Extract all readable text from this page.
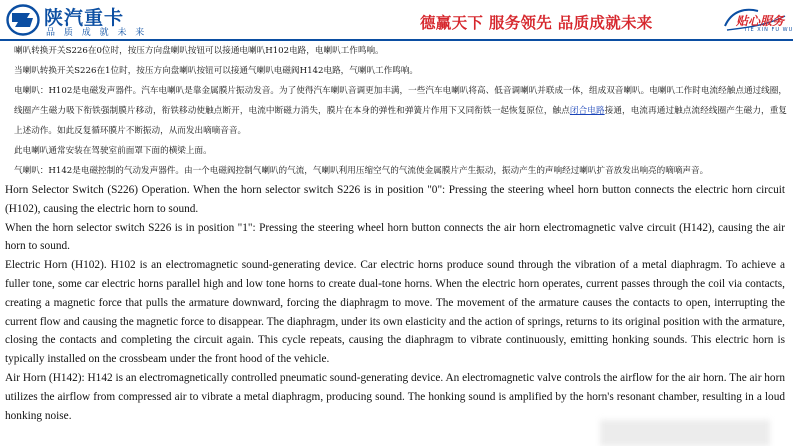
陕汽重卡
品 质 成 就 未 来
德赢天下 服务领先 品质成就未来	贴心服务
TIE XIN FU WU

喇叭转换开关S226在0位时，按压方向盘喇叭按钮可以接通电喇叭H102电路，电喇叭工作鸣响。

当喇叭转换开关S226在1位时，按压方向盘喇叭按钮可以接通气喇叭电磁阀H142电路，气喇叭工作鸣响。

电喇叭：H102是电磁发声器件。汽车电喇叭是靠金属膜片振动发音。为了使得汽车喇叭音调更加丰满，一些汽车电喇叭将高、低音调喇叭并联成一体，组成双音喇叭。电喇叭工作时电流经触点通过线圈，线圈产生磁力吸下衔铁强制膜片移动，衔铁移动使触点断开，电流中断磁力消失，膜片在本身的弹性和弹簧片作用下又同衔铁一起恢复原位，触点闭合电路接通，电流再通过触点流经线圈产生磁力，重复上述动作。如此反复循环膜片不断振动，从而发出嘀嘀音音。

此电喇叭通常安装在驾驶室前面罩下面的横梁上面。

气喇叭：H142是电磁控制的气动发声器件。由一个电磁阀控制气喇叭的气流，气喇叭利用压缩空气的气流使金属膜片产生振动，振动产生的声响经过喇叭扩音放发出响亮的嘀嘀声音。

Horn Selector Switch (S226) Operation. When the horn selector switch S226 is in position "0": Pressing the steering wheel horn button connects the electric horn circuit (H102), causing the electric horn to sound.

When the horn selector switch S226 is in position "1": Pressing the steering wheel horn button connects the air horn electromagnetic valve circuit (H142), causing the air horn to sound.

Electric Horn (H102). H102 is an electromagnetic sound-generating device. Car electric horns produce sound through the vibration of a metal diaphragm. To achieve a fuller tone, some car electric horns parallel high and low tone horns to create dual-tone horns. When the electric horn operates, current passes through the coil via contacts, creating a magnetic force that pulls the armature downward, forcing the diaphragm to move. The movement of the armature causes the contacts to open, interrupting the current flow and causing the magnetic force to disappear. The diaphragm, under its own elasticity and the action of springs, returns to its original position with the armature, closing the contacts and completing the circuit again. This cycle repeats, causing the diaphragm to vibrate continuously, emitting honking sounds. This electric horn is typically installed on the crossbeam under the front hood of the vehicle.

Air Horn (H142): H142 is an electromagnetically controlled pneumatic sound-generating device. An electromagnetic valve controls the airflow for the air horn. The air horn utilizes the airflow from compressed air to vibrate a metal diaphragm, producing sound. The honking sound is amplified by the horn's resonant chamber, resulting in a loud honking noise.
